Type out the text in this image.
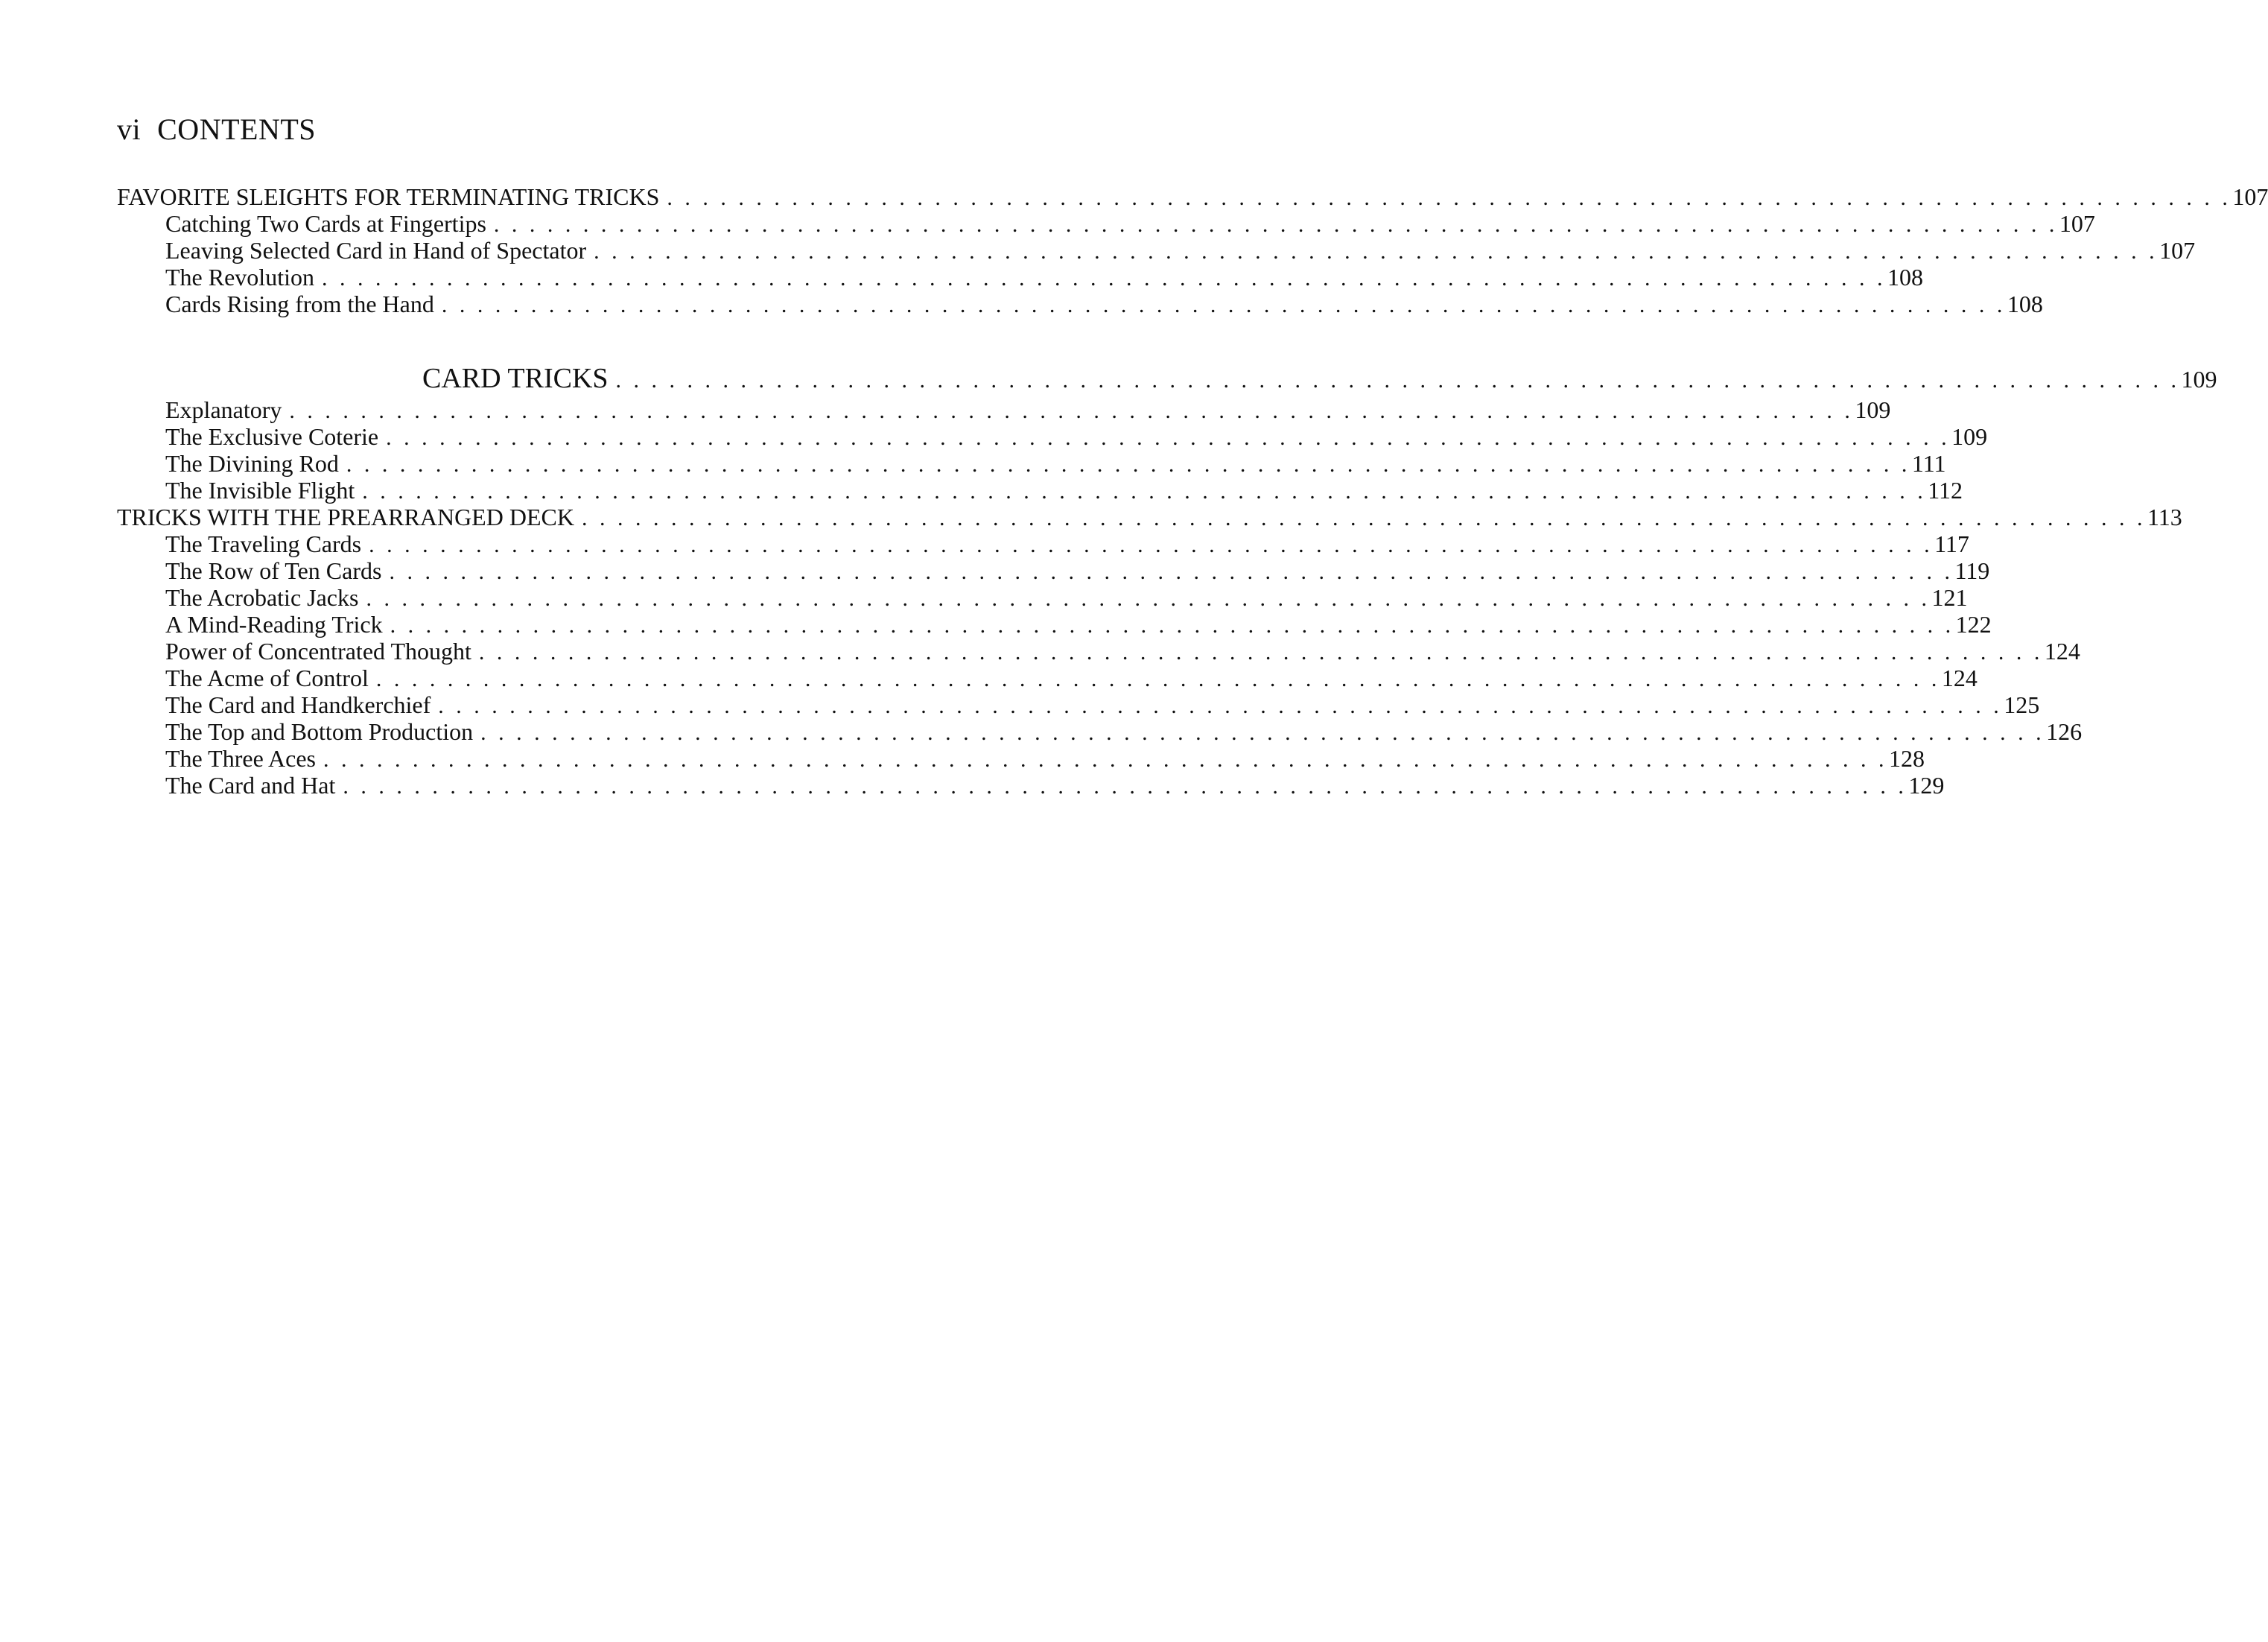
vi CONTENTS
FAVORITE SLEIGHTS FOR TERMINATING TRICKS . . . . . . . . . . . . . . . . . . . . . . . . . . . . . . . . . . . . . . . . . . . . . . . . . . . . . . . . . . . . . . . . . . . . . . . . . . . . . . . . . . . . . . . . 107
Catching Two Cards at Fingertips . . . . . . . . . . . . . . . . . . . . . . . . . . . . . . . . . . . . . . . . . . . . . . . . . . . . . . . . . . . . . . . . . . . . . . . . . . . . . . . . . . . . . . . . 107
Leaving Selected Card in Hand of Spectator . . . . . . . . . . . . . . . . . . . . . . . . . . . . . . . . . . . . . . . . . . . . . . . . . . . . . . . . . . . . . . . . . . . . . . . . . . . . . . . . . . . . . . . . 107
The Revolution . . . . . . . . . . . . . . . . . . . . . . . . . . . . . . . . . . . . . . . . . . . . . . . . . . . . . . . . . . . . . . . . . . . . . . . . . . . . . . . . . . . . . . . . 108
Cards Rising from the Hand . . . . . . . . . . . . . . . . . . . . . . . . . . . . . . . . . . . . . . . . . . . . . . . . . . . . . . . . . . . . . . . . . . . . . . . . . . . . . . . . . . . . . . . . 108
CARD TRICKS . . . . . . . . . . . . . . . . . . . . . . . . . . . . . . . . . . . . . . . . . . . . . . . . . . . . . . . . . . . . . . . . . . . . . . . . . . . . . . . . . . . . . . . . 109
Explanatory . . . . . . . . . . . . . . . . . . . . . . . . . . . . . . . . . . . . . . . . . . . . . . . . . . . . . . . . . . . . . . . . . . . . . . . . . . . . . . . . . . . . . . . . 109
The Exclusive Coterie . . . . . . . . . . . . . . . . . . . . . . . . . . . . . . . . . . . . . . . . . . . . . . . . . . . . . . . . . . . . . . . . . . . . . . . . . . . . . . . . . . . . . . . . 109
The Divining Rod . . . . . . . . . . . . . . . . . . . . . . . . . . . . . . . . . . . . . . . . . . . . . . . . . . . . . . . . . . . . . . . . . . . . . . . . . . . . . . . . . . . . . . . . 111
The Invisible Flight . . . . . . . . . . . . . . . . . . . . . . . . . . . . . . . . . . . . . . . . . . . . . . . . . . . . . . . . . . . . . . . . . . . . . . . . . . . . . . . . . . . . . . . . 112
TRICKS WITH THE PREARRANGED DECK . . . . . . . . . . . . . . . . . . . . . . . . . . . . . . . . . . . . . . . . . . . . . . . . . . . . . . . . . . . . . . . . . . . . . . . . . . . . . . . . . . . . . . . . 113
The Traveling Cards . . . . . . . . . . . . . . . . . . . . . . . . . . . . . . . . . . . . . . . . . . . . . . . . . . . . . . . . . . . . . . . . . . . . . . . . . . . . . . . . . . . . . . . . 117
The Row of Ten Cards . . . . . . . . . . . . . . . . . . . . . . . . . . . . . . . . . . . . . . . . . . . . . . . . . . . . . . . . . . . . . . . . . . . . . . . . . . . . . . . . . . . . . . . . 119
The Acrobatic Jacks . . . . . . . . . . . . . . . . . . . . . . . . . . . . . . . . . . . . . . . . . . . . . . . . . . . . . . . . . . . . . . . . . . . . . . . . . . . . . . . . . . . . . . . . 121
A Mind-Reading Trick . . . . . . . . . . . . . . . . . . . . . . . . . . . . . . . . . . . . . . . . . . . . . . . . . . . . . . . . . . . . . . . . . . . . . . . . . . . . . . . . . . . . . . . . 122
Power of Concentrated Thought . . . . . . . . . . . . . . . . . . . . . . . . . . . . . . . . . . . . . . . . . . . . . . . . . . . . . . . . . . . . . . . . . . . . . . . . . . . . . . . . . . . . . . . . 124
The Acme of Control . . . . . . . . . . . . . . . . . . . . . . . . . . . . . . . . . . . . . . . . . . . . . . . . . . . . . . . . . . . . . . . . . . . . . . . . . . . . . . . . . . . . . . . . 124
The Card and Handkerchief . . . . . . . . . . . . . . . . . . . . . . . . . . . . . . . . . . . . . . . . . . . . . . . . . . . . . . . . . . . . . . . . . . . . . . . . . . . . . . . . . . . . . . . . 125
The Top and Bottom Production . . . . . . . . . . . . . . . . . . . . . . . . . . . . . . . . . . . . . . . . . . . . . . . . . . . . . . . . . . . . . . . . . . . . . . . . . . . . . . . . . . . . . . . . 126
The Three Aces . . . . . . . . . . . . . . . . . . . . . . . . . . . . . . . . . . . . . . . . . . . . . . . . . . . . . . . . . . . . . . . . . . . . . . . . . . . . . . . . . . . . . . . . 128
The Card and Hat . . . . . . . . . . . . . . . . . . . . . . . . . . . . . . . . . . . . . . . . . . . . . . . . . . . . . . . . . . . . . . . . . . . . . . . . . . . . . . . . . . . . . . . . 129
